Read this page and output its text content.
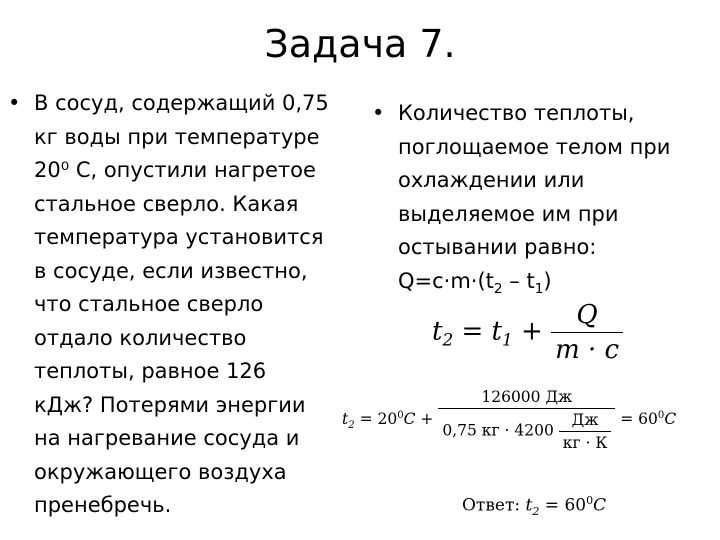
Задача 7.
• В сосуд, содержащий 0,75
кг воды при температуре
20⁰ С, опустили нагретое
стальное сверло. Какая
температура установится
в сосуде, если известно,
что стальное сверло
отдало количество
теплоты, равное 126
кДж? Потерями энергии
на нагревание сосуда и
окружающего воздуха
пренебречь.
• Количество теплоты,
поглощаемое телом при
охлаждении или
выделяемое им при
остывании равно:
$Q=c\cdot m\cdot(t_2 - t_1)$
$t_2 = t_1 + \frac{Q}{m \cdot c}$
$t_2 = 20^0C + \frac{126000 Дж}{0,75 кг \cdot 4200 \frac{Дж}{кг \cdot К}} = 60^0C$
Ответ: $t_2 = 60^0C$
